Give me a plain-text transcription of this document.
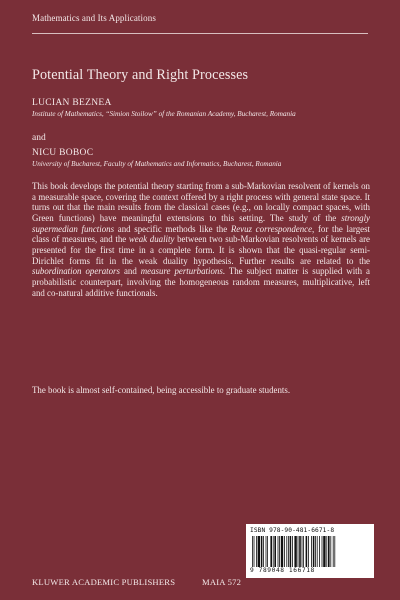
Mathematics and Its Applications
Potential Theory and Right Processes
LUCIAN BEZNEA
Institute of Mathematics, “Simion Stoilow” of the Romanian Academy, Bucharest, Romania
and
NICU BOBOC
University of Bucharest, Faculty of Mathematics and Informatics, Bucharest, Romania
This book develops the potential theory starting from a sub-Markovian resolvent of kernels on a measurable space, covering the context offered by a right process with general state space. It turns out that the main results from the classical cases (e.g., on locally compact spaces, with Green functions) have meaningful extensions to this setting. The study of the strongly supermedian functions and specific methods like the Revuz correspondence, for the largest class of measures, and the weak duality between two sub-Markovian resolvents of kernels are presented for the first time in a complete form. It is shown that the quasi-regular semi-Dirichlet forms fit in the weak duality hypothesis. Further results are related to the subordination operators and measure perturbations. The subject matter is supplied with a probabilistic counterpart, involving the homogeneous random measures, multiplicative, left and co-natural additive functionals.
The book is almost self-contained, being accessible to graduate students.
ISBN 978-90-481-6671-8
9 789048 166718
KLUWER ACADEMIC PUBLISHERS	MAIA 572
